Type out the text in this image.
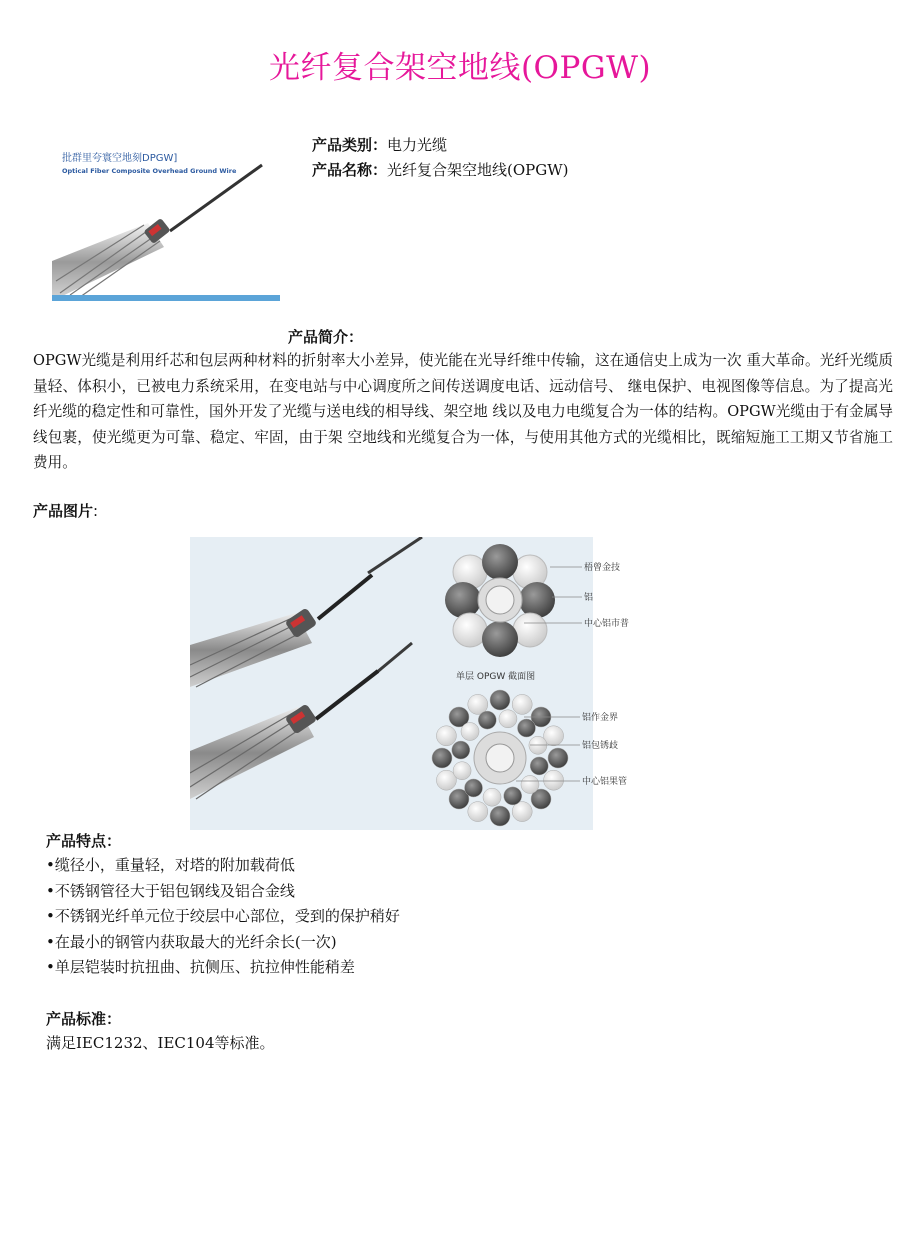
光纤复合架空地线(OPGW)
批群里夸寰空地刻DPGW]
Optical Fiber Composite Overhead Ground Wire
产品类别：电力光缆
产品名称：光纤复合架空地线(OPGW)
产品简介：
OPGW光缆是利用纤芯和包层两种材料的折射率大小差异，使光能在光导纤维中传输，这在通信史上成为一次 重大革命。光纤光缆质量轻、体积小，已被电力系统采用，在变电站与中心调度所之间传送调度电话、远动信号、 继电保护、电视图像等信息。为了提高光纤光缆的稳定性和可靠性，国外开发了光缆与送电线的相导线、架空地 线以及电力电缆复合为一体的结构。OPGW光缆由于有金属导线包裹，使光缆更为可靠、稳定、牢固，由于架 空地线和光缆复合为一体，与使用其他方式的光缆相比，既缩短施工工期又节省施工费用。
产品图片:
梧曾金技
铝
中心铝市普
单层 OPGW 截面图
铝作金界
铝包锈歧
中心铝果管
产品特点：
•缆径小，重量轻，对塔的附加载荷低
•不锈钢管径大于铝包钢线及铝合金线
•不锈钢光纤单元位于绞层中心部位，受到的保护稍好
•在最小的钢管内获取最大的光纤余长(一次)
•单层铠装时抗扭曲、抗侧压、抗拉伸性能稍差
产品标准：
满足IEC1232、IEC104等标准。
